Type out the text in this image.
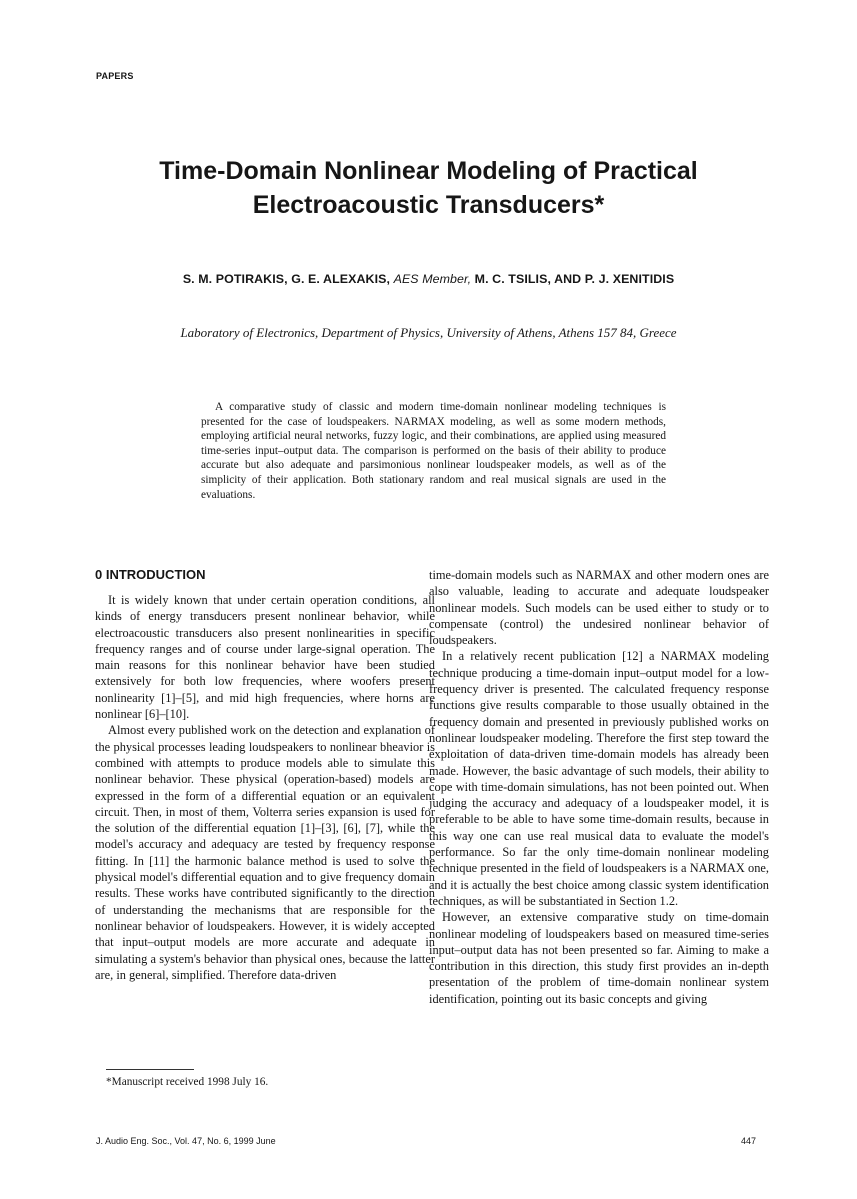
PAPERS
Time-Domain Nonlinear Modeling of Practical
Electroacoustic Transducers*
S. M. POTIRAKIS, G. E. ALEXAKIS, AES Member, M. C. TSILIS, AND P. J. XENITIDIS
Laboratory of Electronics, Department of Physics, University of Athens, Athens 157 84, Greece

A comparative study of classic and modern time-domain nonlinear modeling techniques is presented for the case of loudspeakers. NARMAX modeling, as well as some modern methods, employing artificial neural networks, fuzzy logic, and their combinations, are applied using measured time-series input–output data. The comparison is performed on the basis of their ability to produce accurate but also adequate and parsimonious nonlinear loudspeaker models, as well as of the simplicity of their application. Both stationary random and real musical signals are used in the evaluations.

0 INTRODUCTION

It is widely known that under certain operation conditions, all kinds of energy transducers present nonlinear behavior, while electroacoustic transducers also present nonlinearities in specific frequency ranges and of course under large-signal operation. The main reasons for this nonlinear behavior have been studied extensively for both low frequencies, where woofers present nonlinearity [1]–[5], and mid high frequencies, where horns are nonlinear [6]–[10].

Almost every published work on the detection and explanation of the physical processes leading loudspeakers to nonlinear bheavior is combined with attempts to produce models able to simulate this nonlinear behavior. These physical (operation-based) models are expressed in the form of a differential equation or an equivalent circuit. Then, in most of them, Volterra series expansion is used for the solution of the differential equation [1]–[3], [6], [7], while the model's accuracy and adequacy are tested by frequency response fitting. In [11] the harmonic balance method is used to solve the physical model's differential equation and to give frequency domain results. These works have contributed significantly to the direction of understanding the mechanisms that are responsible for the nonlinear behavior of loudspeakers. However, it is widely accepted that input–output models are more accurate and adequate in simulating a system's behavior than physical ones, because the latter are, in general, simplified. Therefore data-driven

time-domain models such as NARMAX and other modern ones are also valuable, leading to accurate and adequate loudspeaker nonlinear models. Such models can be used either to study or to compensate (control) the undesired nonlinear behavior of loudspeakers.

In a relatively recent publication [12] a NARMAX modeling technique producing a time-domain input–output model for a low-frequency driver is presented. The calculated frequency response functions give results comparable to those usually obtained in the frequency domain and presented in previously published works on nonlinear loudspeaker modeling. Therefore the first step toward the exploitation of data-driven time-domain models has already been made. However, the basic advantage of such models, their ability to cope with time-domain simulations, has not been pointed out. When judging the accuracy and adequacy of a loudspeaker model, it is preferable to be able to have some time-domain results, because in this way one can use real musical data to evaluate the model's performance. So far the only time-domain nonlinear modeling technique presented in the field of loudspeakers is a NARMAX one, and it is actually the best choice among classic system identification techniques, as will be substantiated in Section 1.2.

However, an extensive comparative study on time-domain nonlinear modeling of loudspeakers based on measured time-series input–output data has not been presented so far. Aiming to make a contribution in this direction, this study first provides an in-depth presentation of the problem of time-domain nonlinear system identification, pointing out its basic concepts and giving

*Manuscript received 1998 July 16.
J. Audio Eng. Soc., Vol. 47, No. 6, 1999 June	447
